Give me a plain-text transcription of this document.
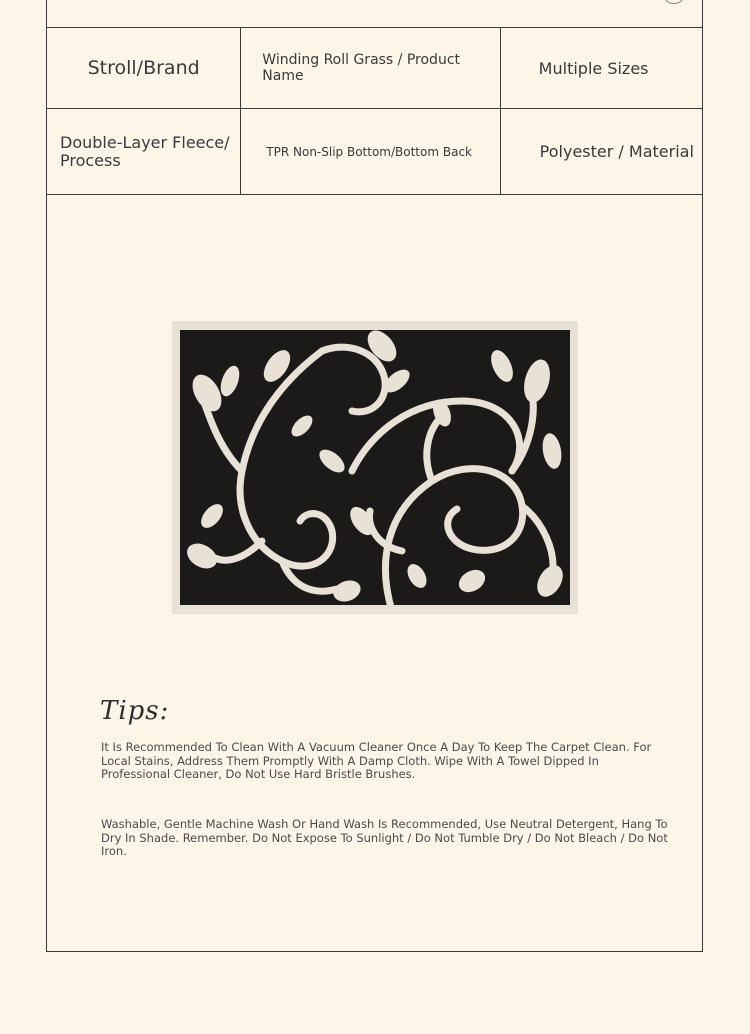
Stroll/Brand	Winding Roll Grass / Product Name	Multiple Sizes
Double-Layer Fleece/ Process	TPR Non-Slip Bottom/Bottom Back	Polyester / Material
Tips:

It Is Recommended To Clean With A Vacuum Cleaner Once A Day To Keep The Carpet Clean. For Local Stains, Address Them Promptly With A Damp Cloth. Wipe With A Towel Dipped In Professional Cleaner, Do Not Use Hard Bristle Brushes.

Washable, Gentle Machine Wash Or Hand Wash Is Recommended, Use Neutral Detergent, Hang To Dry In Shade. Remember. Do Not Expose To Sunlight / Do Not Tumble Dry / Do Not Bleach / Do Not Iron.
